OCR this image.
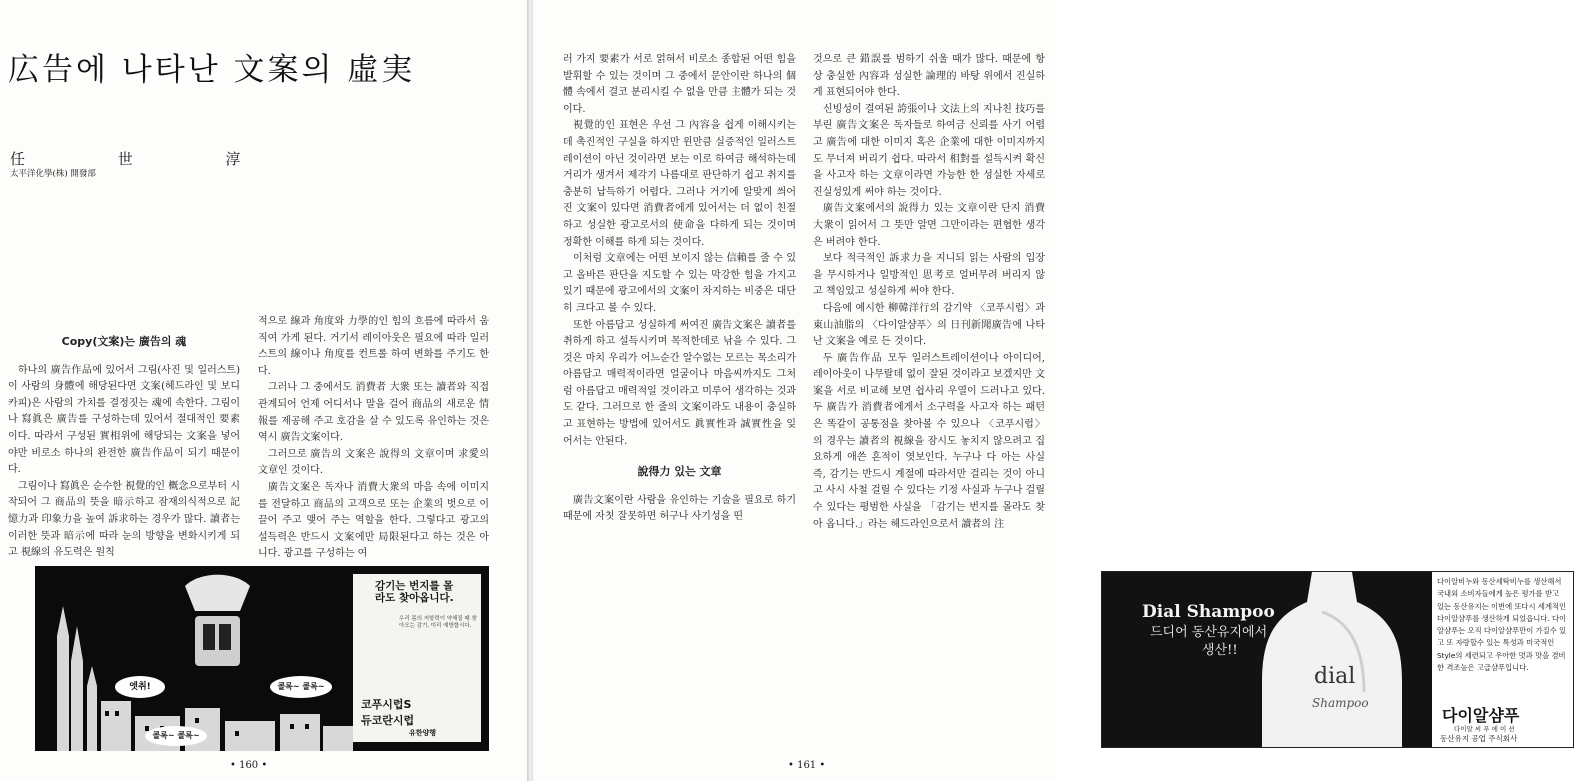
広告에 나타난 文案의 虛実
任 世 淳
太平洋化學(株) 開發部

Copy(文案)는 廣告의 魂

하나의 廣告作品에 있어서 그림(사진 및 일러스트)이 사람의 身體에 해당된다면 文案(헤드라인 및 보디카피)은 사람의 가치를 결정짓는 魂에 속한다. 그림이나 寫眞은 廣告를 구성하는데 있어서 절대적인 要素이다. 따라서 구성된 實相위에 해당되는 文案을 넣어야만 비로소 하나의 완전한 廣告作品이 되기 때문이다.

그림이나 寫眞은 순수한 視覺的인 概念으로부터 시작되어 그 商品의 뜻을 暗示하고 잠재의식적으로 記憶力과 印象力을 높여 訴求하는 경우가 많다. 讀者는 이러한 뜻과 暗示에 따라 눈의 방향을 변화시키게 되고 視線의 유도력은 원칙

적으로 線과 角度와 力學的인 힘의 흐름에 따라서 움직여 가게 된다. 거기서 레이아웃은 필요에 따라 일러스트의 線이나 角度를 컨트롤 하여 변화를 주기도 한다.

그러나 그 중에서도 消費者 大衆 또는 讀者와 직접 관계되어 언제 어디서나 말을 걸어 商品의 새로운 情報를 제공해 주고 호감을 살 수 있도록 유인하는 것은 역시 廣告文案이다.

그러므로 廣告의 文案은 說得의 文章이며 求愛의 文章인 것이다.

廣告文案은 독자나 消費大衆의 마음 속에 이미지를 전달하고 商品의 고객으로 또는 企業의 벗으로 이끌어 주고 맺어 주는 역할을 한다. 그렇다고 광고의 설득력은 반드시 文案에만 局限된다고 하는 것은 아니다. 광고를 구성하는 여

엣취!	콜록~ 콜록~
콜록~ 콜록~
감기는 번지를 몰라도 찾아옵니다.
우리 몸의 저항력이 약해질 때 찾아오는 감기, 미리 예방합시다.
코푸시럽S
듀코란시럽
유한양행
• 160 •

러 가지 要素가 서로 얽혀서 비로소 종합된 어떤 힘을 발휘할 수 있는 것이며 그 중에서 문안이란 하나의 個體 속에서 결코 분리시킬 수 없을 만큼 主體가 되는 것이다.

視覺的인 표현은 우선 그 內容을 쉽게 이해시키는데 촉진적인 구실을 하지만 윈만큼 실증적인 일러스트레이션이 아닌 것이라면 보는 이로 하여금 해석하는데 거리가 생겨서 제각기 나름대로 판단하기 쉽고 취지를 충분히 납득하기 어렵다. 그러나 거기에 알맞게 씌어진 文案이 있다면 消費者에게 있어서는 더 없이 친절하고 성실한 광고로서의 使命을 다하게 되는 것이며 정확한 이해를 하게 되는 것이다.

이처럼 文章에는 어떤 보이지 않는 信賴를 줄 수 있고 올바른 판단을 지도할 수 있는 막강한 힘을 가지고 있기 때문에 광고에서의 文案이 차지하는 비중은 대단히 크다고 볼 수 있다.

또한 아름답고 성실하게 써여진 廣告文案은 讀者를 취하게 하고 설득시키며 목적한데로 낚을 수 있다. 그것은 마치 우리가 어느순간 알수없는 모르는 목소리가 아름답고 매력적이라면 얼굴이나 마음씨까지도 그처럼 아름답고 매력적일 것이라고 미루어 생각하는 것과도 같다. 그러므로 한 줄의 文案이라도 내용이 충실하고 표현하는 방법에 있어서도 眞實性과 誠實性을 잊어서는 안된다.

說得力 있는 文章

廣告文案이란 사람을 유인하는 기술을 필요로 하기 때문에 자칫 잘못하면 허구나 사기성을 띤

것으로 큰 錯誤를 범하기 쉬울 때가 많다. 때문에 항상 충실한 內容과 성실한 論理的 바탕 위에서 진실하게 표현되어야 한다.

신빙성이 결여된 誇張이나 文法上의 지나친 技巧를 부린 廣告文案은 독자들로 하여금 신뢰를 사기 어렵고 廣告에 대한 이미지 혹은 企業에 대한 이미지까지도 무너져 버리기 쉽다. 따라서 相對를 설득시켜 확신을 사고자 하는 文章이라면 가능한 한 성실한 자세로 진실성있게 써야 하는 것이다.

廣告文案에서의 說得力 있는 文章이란 단지 消費大衆이 읽어서 그 뜻만 알면 그만이라는 편협한 생각은 버려야 한다.

보다 적극적인 訴求力을 지니되 읽는 사람의 입장을 무시하거나 일방적인 思考로 얼버무려 버리지 않고 책임있고 성실하게 써야 한다.

다음에 예시한 柳韓洋行의 감기약 〈코푸시럽〉과 東山油脂의 〈다이알샴푸〉의 日刊新聞廣告에 나타난 文案을 예로 든 것이다.

두 廣告作品 모두 일러스트레이션이나 아이디어, 레이아웃이 나무랄데 없이 잘된 것이라고 보겠지만 文案을 서로 비교해 보면 쉽사리 우열이 드러나고 있다. 두 廣告가 消費者에게서 소구력을 사고자 하는 패턴은 똑같이 공통점을 찾아볼 수 있으나 〈코푸시럽〉의 경우는 讀者의 視線을 잠시도 놓치지 않으려고 집요하게 애쓴 흔적이 엿보인다. 누구나 다 아는 사실 즉, 감기는 반드시 계절에 따라서만 걸리는 것이 아니고 사시 사철 걸릴 수 있다는 기정 사실과 누구나 걸릴 수 있다는 평범한 사실을 「감기는 번지를 몰라도 찾아 옵니다.」라는 헤드라인으로서 讀者의 注

Dial Shampoo
드디어 동산유지에서
생산!!
dial
Shampoo
다이알비누와 동산세탁비누를 생산해서 국내외 소비자들에게 높은 평가를 받고 있는 동산유지는 이번에 또다시 세계적인 다이알샴푸를 생산하게 되었읍니다. 다이알샴푸는 오직 다이알샴푸만이 가질수 있고 또 자랑할수 있는 특성과 미국적인 Style의 세련되고 우아한 멋과 맛을 겸비한 격조높은 고급샴푸입니다.
다이알샴푸
다이알 씨 푸 에 이 션
동산유지 공업 주식회사
• 161 •
